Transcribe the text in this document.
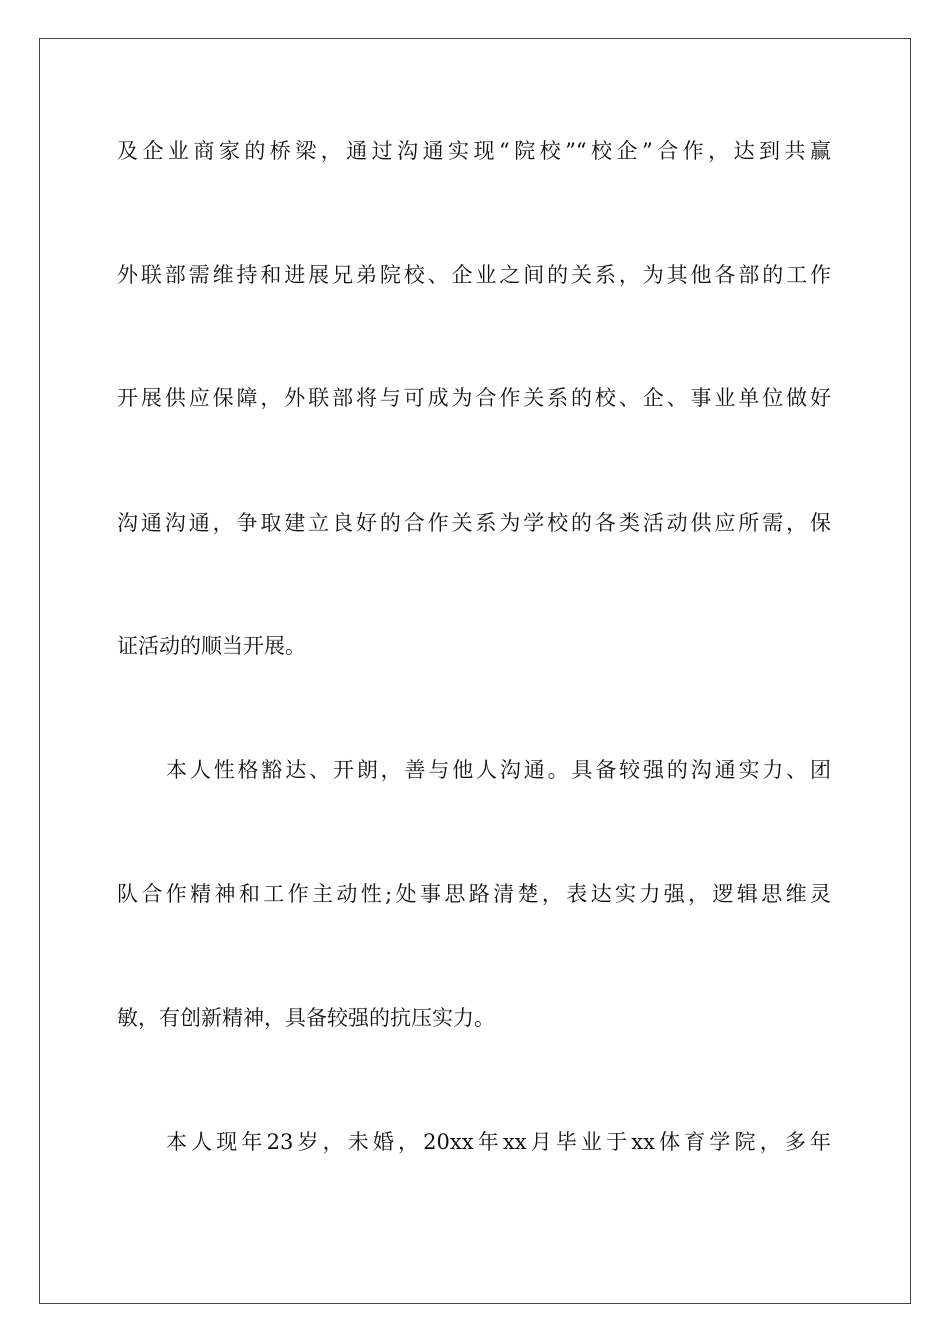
及企业商家的桥梁，通过沟通实现“院校”“校企”合作，达到共赢
外联部需维持和进展兄弟院校、企业之间的关系，为其他各部的工作
开展供应保障，外联部将与可成为合作关系的校、企、事业单位做好
沟通沟通，争取建立良好的合作关系为学校的各类活动供应所需，保
证活动的顺当开展。
本人性格豁达、开朗，善与他人沟通。具备较强的沟通实力、团
队合作精神和工作主动性;处事思路清楚，表达实力强，逻辑思维灵
敏，有创新精神，具备较强的抗压实力。
本人现年23岁，未婚，20xx年xx月毕业于xx体育学院，多年
